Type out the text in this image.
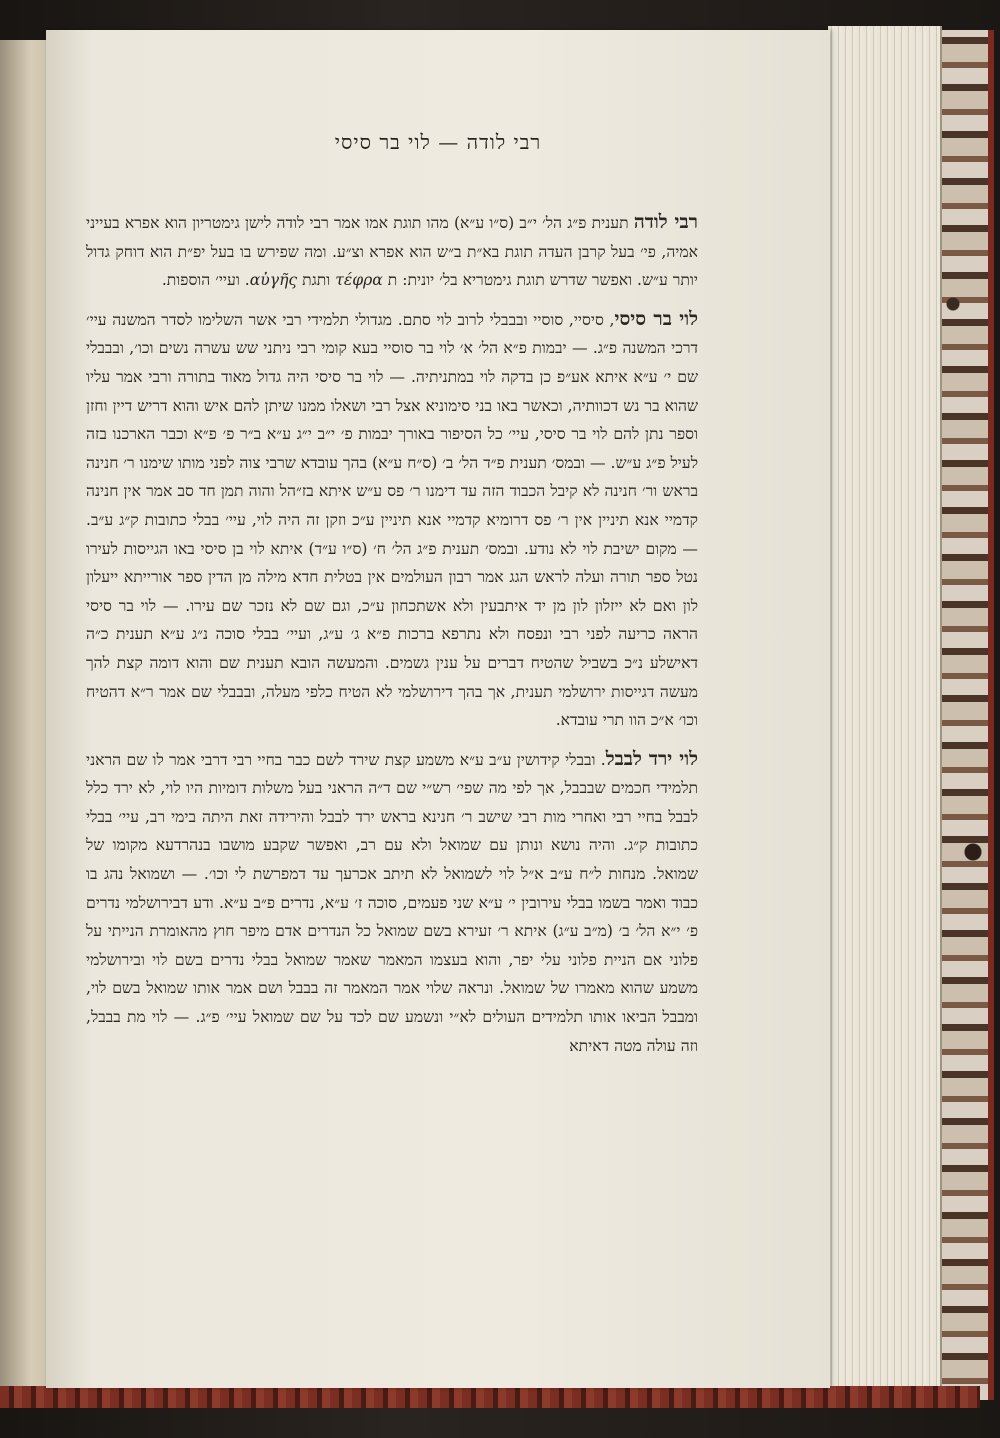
רבי לודה — לוי בר סיסי

רבי לודה תענית פ״ג הל׳ י״ב (ס״ו ע״א) מהו תוגת אמו אמר רבי לודה לישן גימטריון הוא אפרא בעייני אמיה, פי׳ בעל קרבן העדה תוגת בא״ת ב״ש הוא אפרא וצ״ע. ומה שפירש בו בעל יפ״ת הוא דוחק גדול יותר ע״ש. ואפשר שדרש תוגת גימטריא בל׳ יונית: ת τέφρα ותגת αὐγῆς. ועיי׳ הוספות.

לוי בר סיסי, סיסיי, סוסיי ובבבלי לרוב לוי סתם. מגדולי תלמידי רבי אשר השלימו לסדר המשנה עיי׳ דרכי המשנה פ״ג. — יבמות פ״א הל׳ א׳ לוי בר סוסיי בעא קומי רבי ניתני שש עשרה נשים וכו׳, ובבבלי שם י׳ ע״א איתא אע״פ כן בדקה לוי במתניתיה. — לוי בר סיסי היה גדול מאוד בתורה ורבי אמר עליו שהוא בר נש דכוותיה, וכאשר באו בני סימוניא אצל רבי ושאלו ממנו שיתן להם איש והוא דריש דיין וחזן וספר נתן להם לוי בר סיסי, עיי׳ כל הסיפור באורך יבמות פ׳ י״ב י״ג ע״א ב״ר פ׳ פ״א וכבר הארכנו בזה לעיל פ״ג ע״ש. — ובמס׳ תענית פ״ד הל׳ ב׳ (ס״ח ע״א) בהך עובדא שרבי צוה לפני מותו שימנו ר׳ חנינה בראש ור׳ חנינה לא קיבל הכבוד הזה עד דימנו ר׳ פס ע״ש איתא בז״הל והוה תמן חד סב אמר אין חנינה קדמיי אנא תיניין אין ר׳ פס דרומיא קדמיי אנא תיניין ע״כ וזקן זה היה לוי, עיי׳ בבלי כתובות ק״ג ע״ב. — מקום ישיבת לוי לא נודע. ובמס׳ תענית פ״ג הל׳ ח׳ (ס״ו ע״ד) איתא לוי בן סיסי באו הגייסות לעירו נטל ספר תורה ועלה לראש הגג אמר רבון העולמים אין בטלית חדא מילה מן הדין ספר אורייתא ייעלון לון ואם לא ייזלון לון מן יד איתבעין ולא אשתכחון ע״כ, וגם שם לא נזכר שם עירו. — לוי בר סיסי הראה כריעה לפני רבי ונפסח ולא נתרפא ברכות פ״א ג׳ ע״ג, ועיי׳ בבלי סוכה נ״ג ע״א תענית כ״ה דאישלע נ״כ בשביל שהטיח דברים על ענין גשמים. והמעשה הובא תענית שם והוא דומה קצת להך מעשה דגייסות ירושלמי תענית, אך בהך דירושלמי לא הטיח כלפי מעלה, ובבבלי שם אמר ר״א דהטיח וכו׳ א״כ הוו תרי עובדא.

לוי ירד לבבל. ובבלי קידושין ע״ב ע״א משמע קצת שירד לשם כבר בחיי רבי דרבי אמר לו שם הראני תלמידי חכמים שבבבל, אך לפי מה שפי׳ רש״י שם ד״ה הראני בעל משלות דומיות היו לוי, לא ירד כלל לבבל בחיי רבי ואחרי מות רבי שישב ר׳ חנינא בראש ירד לבבל והירידה זאת היתה בימי רב, עיי׳ בבלי כתובות ק״ג. והיה נושא ונותן עם שמואל ולא עם רב, ואפשר שקבע מושבו בנהרדעא מקומו של שמואל. מנחות ל״ח ע״ב א״ל לוי לשמואל לא תיתב אכרעך עד דמפרשת לי וכו׳. — ושמואל נהג בו כבוד ואמר בשמו בבלי עירובין י׳ ע״א שני פעמים, סוכה ז׳ ע״א, נדרים פ״ב ע״א. ודע דבירושלמי נדרים פ׳ י״א הל׳ ב׳ (מ״ב ע״ג) איתא ר׳ זעירא בשם שמואל כל הנדרים אדם מיפר חוץ מהאומרת הנייתי על פלוני אם הניית פלוני עלי יפר, והוא בעצמו המאמר שאמר שמואל בבלי נדרים בשם לוי ובירושלמי משמע שהוא מאמרו של שמואל. ונראה שלוי אמר המאמר זה בבבל ושם אמר אותו שמואל בשם לוי, ומבבל הביאו אותו תלמידים העולים לא״י ונשמע שם לכד על שם שמואל עיי׳ פ״ג. — לוי מת בבבל, וזה עולה מטה דאיתא
